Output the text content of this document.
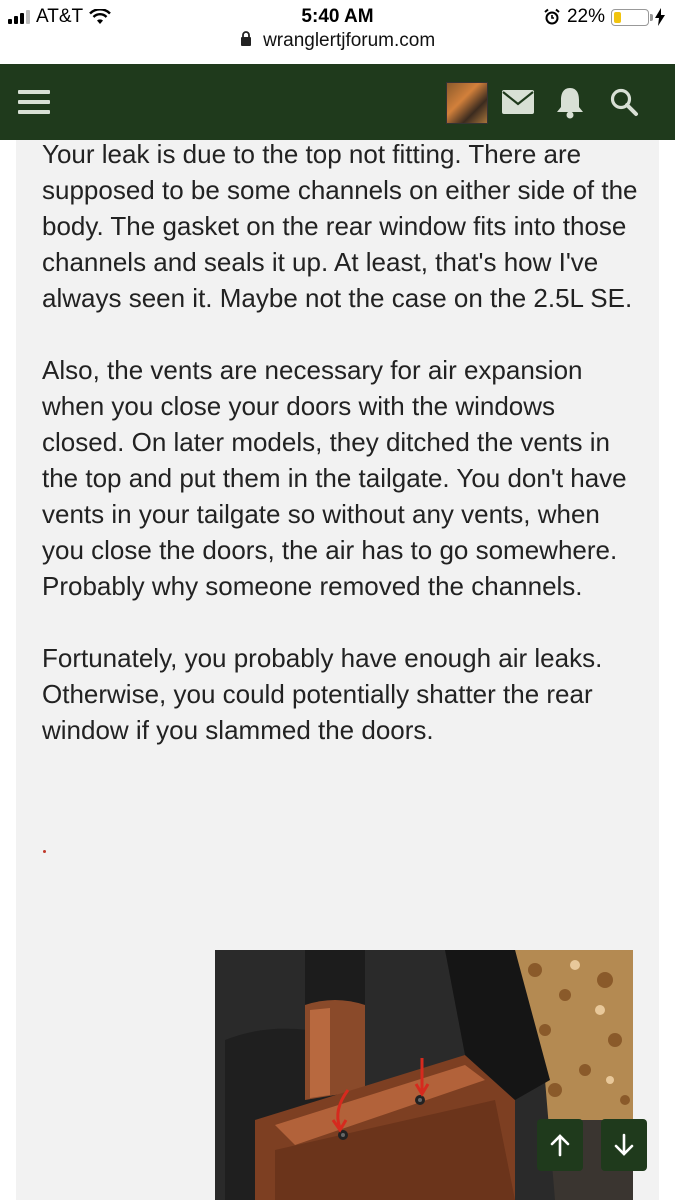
AT&T	5:40 AM	22%
wranglertjforum.com

Your leak is due to the top not fitting. There are supposed to be some channels on either side of the body. The gasket on the rear window fits into those channels and seals it up. At least, that's how I've always seen it. Maybe not the case on the 2.5L SE.

Also, the vents are necessary for air expansion when you close your doors with the windows closed. On later models, they ditched the vents in the top and put them in the tailgate. You don't have vents in your tailgate so without any vents, when you close the doors, the air has to go somewhere. Probably why someone removed the channels.

Fortunately, you probably have enough air leaks. Otherwise, you could potentially shatter the rear window if you slammed the doors.
